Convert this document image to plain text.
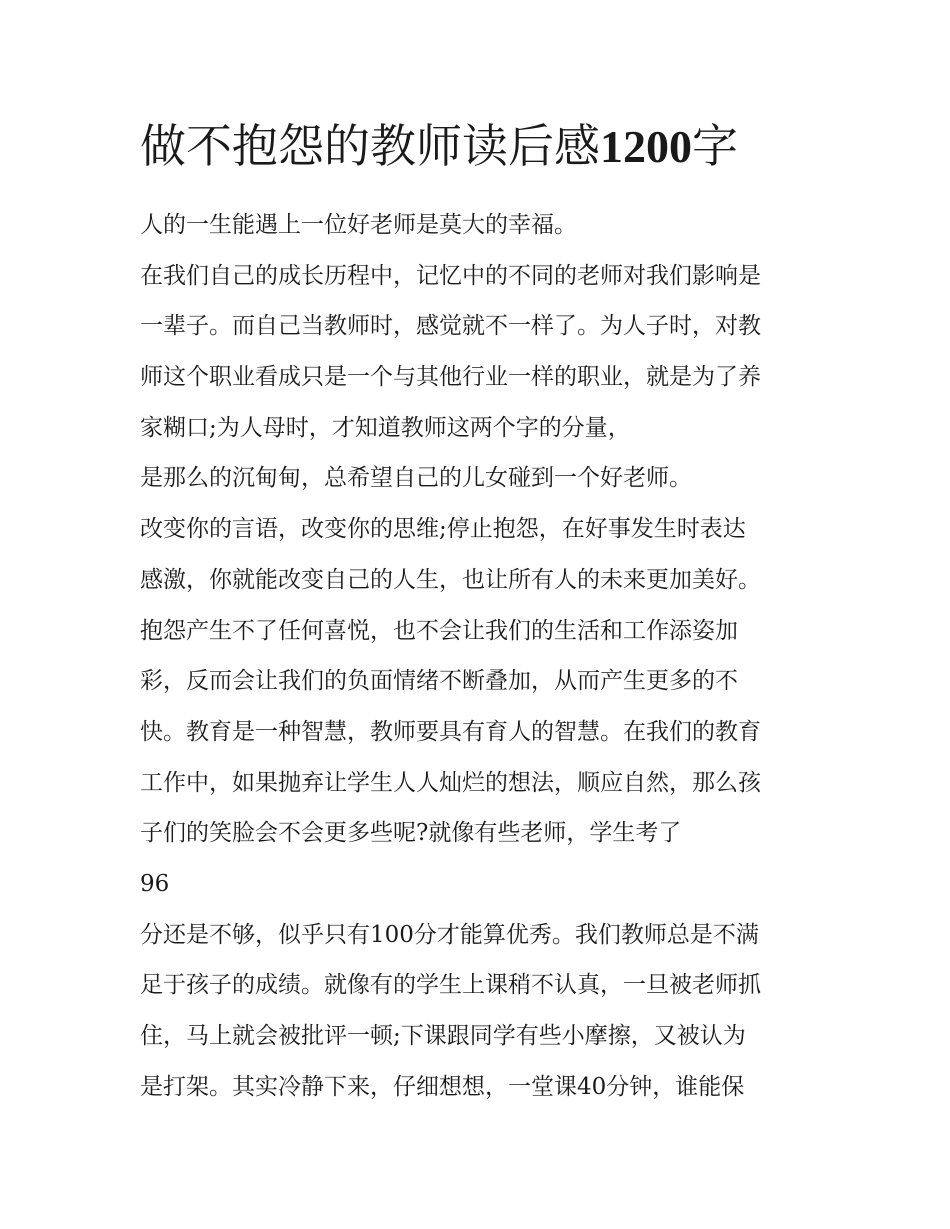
做不抱怨的教师读后感1200字
人的一生能遇上一位好老师是莫大的幸福。
在我们自己的成长历程中，记忆中的不同的老师对我们影响是
一辈子。而自己当教师时，感觉就不一样了。为人子时，对教
师这个职业看成只是一个与其他行业一样的职业，就是为了养
家糊口;为人母时，才知道教师这两个字的分量，
是那么的沉甸甸，总希望自己的儿女碰到一个好老师。
改变你的言语，改变你的思维;停止抱怨，在好事发生时表达
感激，你就能改变自己的人生，也让所有人的未来更加美好。
抱怨产生不了任何喜悦，也不会让我们的生活和工作添姿加
彩，反而会让我们的负面情绪不断叠加，从而产生更多的不
快。教育是一种智慧，教师要具有育人的智慧。在我们的教育
工作中，如果抛弃让学生人人灿烂的想法，顺应自然，那么孩
子们的笑脸会不会更多些呢?就像有些老师，学生考了
96
分还是不够，似乎只有100分才能算优秀。我们教师总是不满
足于孩子的成绩。就像有的学生上课稍不认真，一旦被老师抓
住，马上就会被批评一顿;下课跟同学有些小摩擦，又被认为
是打架。其实冷静下来，仔细想想，一堂课40分钟，谁能保
